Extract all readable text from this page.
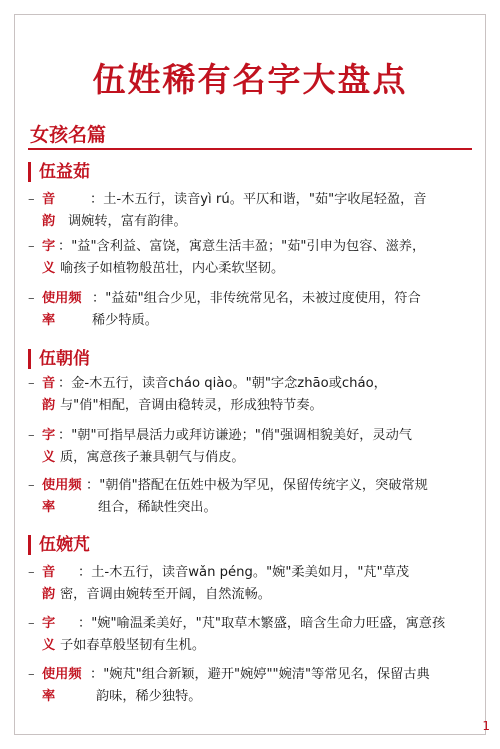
伍姓稀有名字大盘点
女孩名篇
伍益茹
– 音	：土-木五行，读音yì rú。平仄和谐，"茹"字收尾轻盈，音
韵 调婉转，富有韵律。
– 字 ："益"含利益、富饶，寓意生活丰盈；"茹"引申为包容、滋养，
义 喻孩子如植物般茁壮，内心柔软坚韧。
– 使用频 ："益茹"组合少见，非传统常见名，未被过度使用，符合
率	稀少特质。
伍朝俏
– 音 ：金-木五行，读音cháo qiào。"朝"字念zhāo或cháo，
韵 与"俏"相配，音调由稳转灵，形成独特节奏。
– 字 ："朝"可指早晨活力或拜访谦逊；"俏"强调相貌美好，灵动气
义 质，寓意孩子兼具朝气与俏皮。
– 使用频 ："朝俏"搭配在伍姓中极为罕见，保留传统字义，突破常规
率	组合，稀缺性突出。
伍婉芃
– 音 ：土-木五行，读音wǎn péng。"婉"柔美如月，"芃"草茂
韵 密，音调由婉转至开阔，自然流畅。
– 字 ："婉"喻温柔美好，"芃"取草木繁盛，暗含生命力旺盛，寓意孩
义 子如春草般坚韧有生机。
– 使用频 ："婉芃"组合新颖，避开"婉婷""婉清"等常见名，保留古典
率	韵味，稀少独特。
1
